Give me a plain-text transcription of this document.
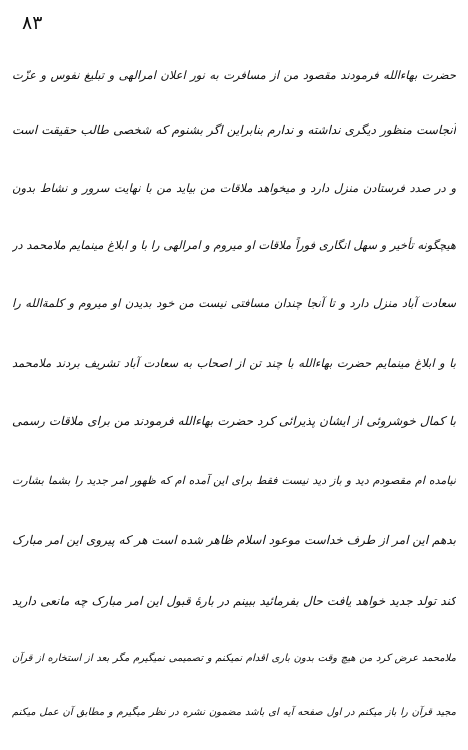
۸۳
حضرت بهاءالله فرمودند مقصود من از مسافرت به نور اعلان امرالهی و تبلیغ نفوس و عزّت
آنجاست منظور دیگری نداشته و ندارم بنابراین اگر بشنوم که شخصی طالب حقیقت است
و در صدد فرستادن منزل دارد و میخواهد ملاقات من بیاید من با نهایت سرور و نشاط بدون
هیچگونه تأخیر و سهل انگاری فوراً ملاقات او میروم و امرالهی را با و ابلاغ مینمایم ملامحمد در
سعادت آباد منزل دارد و تا آنجا چندان مسافتی نیست من خود بدیدن او میروم و کلمةالله را
با و ابلاغ مینمایم حضرت بهاءالله با چند تن از اصحاب به سعادت آباد تشریف بردند ملامحمد
با کمال خوشروئی از ایشان پذیرائی کرد حضرت بهاءالله فرمودند من برای ملاقات رسمی
نیامده ام مقصودم دید و باز دید نیست فقط برای این آمده ام که ظهور امر جدید را بشما بشارت
بدهم این امر از طرف خداست موعود اسلام ظاهر شده است هر که پیروی این امر مبارک
کند تولد جدید خواهد یافت حال بفرمائید ببینم در بارهٔ قبول این امر مبارک چه مانعی دارید
ملامحمد عرض کرد من هیچ وقت بدون باری اقدام نمیکنم و تصمیمی نمیگیرم مگر بعد از استخاره از قرآن
مجید قرآن را باز میکنم در اول صفحه آیه ای باشد مضمون نشره در نظر میگیرم و مطابق آن عمل میکنم
